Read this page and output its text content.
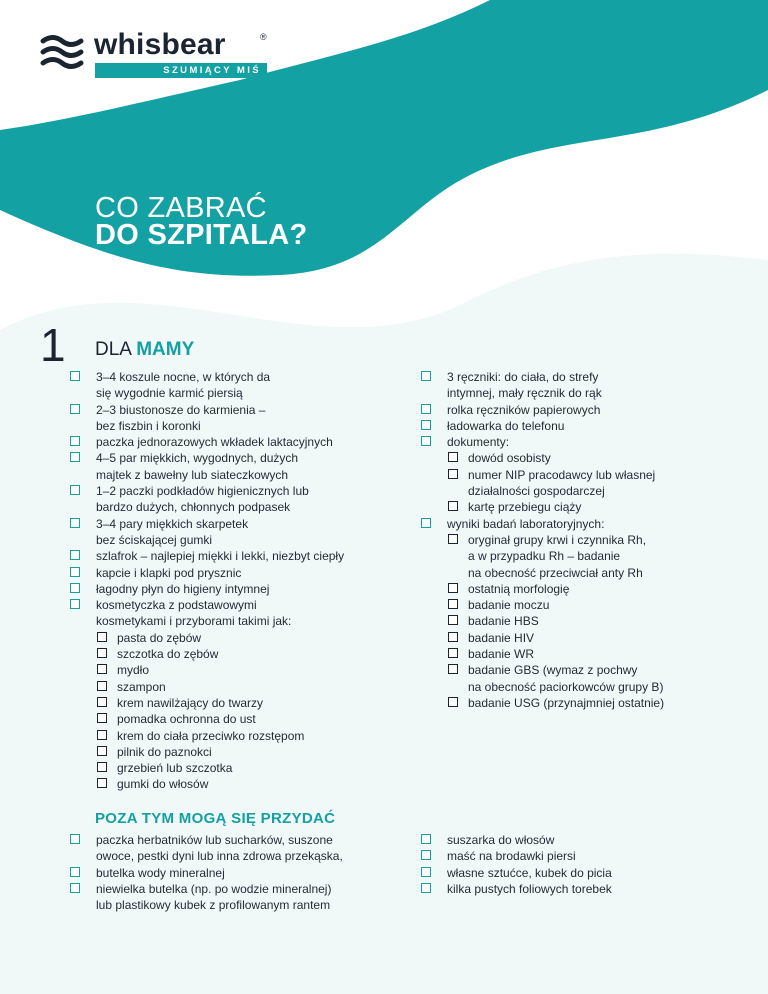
whisbear	®
SZUMIĄCY MIŚ
CO ZABRAĆ
DO SZPITALA?
1 DLA MAMY
3–4 koszule nocne, w których da
się wygodnie karmić piersią
2–3 biustonosze do karmienia –
bez fiszbin i koronki
paczka jednorazowych wkładek laktacyjnych
4–5 par miękkich, wygodnych, dużych
majtek z bawełny lub siateczkowych
1–2 paczki podkładów higienicznych lub
bardzo dużych, chłonnych podpasek
3–4 pary miękkich skarpetek
bez ściskającej gumki
szlafrok – najlepiej miękki i lekki, niezbyt ciepły
kapcie i klapki pod prysznic
łagodny płyn do higieny intymnej
kosmetyczka z podstawowymi
kosmetykami i przyborami takimi jak:
pasta do zębów
szczotka do zębów
mydło
szampon
krem nawilżający do twarzy
pomadka ochronna do ust
krem do ciała przeciwko rozstępom
pilnik do paznokci
grzebień lub szczotka
gumki do włosów
3 ręczniki: do ciała, do strefy
intymnej, mały ręcznik do rąk
rolka ręczników papierowych
ładowarka do telefonu
dokumenty:
dowód osobisty
numer NIP pracodawcy lub własnej
działalności gospodarczej
kartę przebiegu ciąży
wyniki badań laboratoryjnych:
oryginał grupy krwi i czynnika Rh,
a w przypadku Rh – badanie
na obecność przeciwciał anty Rh
ostatnią morfologię
badanie moczu
badanie HBS
badanie HIV
badanie WR
badanie GBS (wymaz z pochwy
na obecność paciorkowców grupy B)
badanie USG (przynajmniej ostatnie)
POZA TYM MOGĄ SIĘ PRZYDAĆ
paczka herbatników lub sucharków, suszone
owoce, pestki dyni lub inna zdrowa przekąska,
butelka wody mineralnej
niewielka butelka (np. po wodzie mineralnej)
lub plastikowy kubek z profilowanym rantem
suszarka do włosów
maść na brodawki piersi
własne sztućce, kubek do picia
kilka pustych foliowych torebek
